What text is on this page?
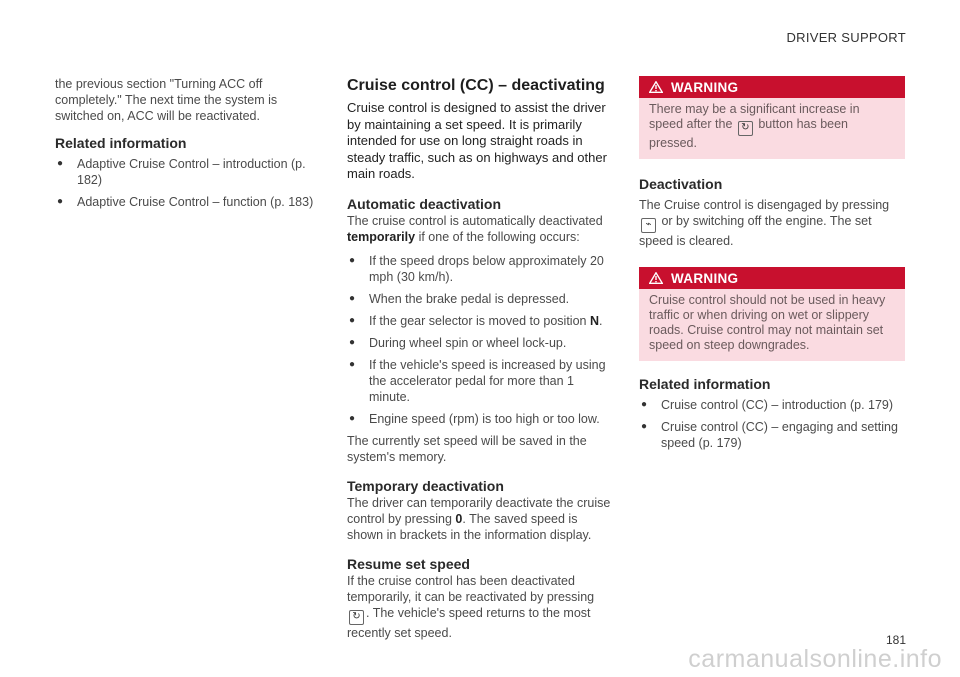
DRIVER SUPPORT

the previous section "Turning ACC off completely." The next time the system is switched on, ACC will be reactivated.

Related information
● Adaptive Cruise Control – introduction (p. 182)
● Adaptive Cruise Control – function (p. 183)
Cruise control (CC) – deactivating

Cruise control is designed to assist the driver by maintaining a set speed. It is primarily intended for use on long straight roads in steady traffic, such as on highways and other main roads.

Automatic deactivation

The cruise control is automatically deactivated temporarily if one of the following occurs:

● If the speed drops below approximately 20 mph (30 km/h).
● When the brake pedal is depressed.
● If the gear selector is moved to position N.
● During wheel spin or wheel lock-up.
● If the vehicle's speed is increased by using the accelerator pedal for more than 1 minute.
● Engine speed (rpm) is too high or too low.

The currently set speed will be saved in the system's memory.

Temporary deactivation

The driver can temporarily deactivate the cruise control by pressing 0. The saved speed is shown in brackets in the information display.

Resume set speed

If the cruise control has been deactivated temporarily, it can be reactivated by pressing ↻ . The vehicle's speed returns to the most recently set speed.

WARNING
There may be a significant increase in speed after the ↻ button has been pressed.
Deactivation

The Cruise control is disengaged by pressing ⌁ or by switching off the engine. The set speed is cleared.

WARNING
Cruise control should not be used in heavy traffic or when driving on wet or slippery roads. Cruise control may not maintain set speed on steep downgrades.
Related information
● Cruise control (CC) – introduction (p. 179)
● Cruise control (CC) – engaging and setting speed (p. 179)
181
carmanualsonline.info
